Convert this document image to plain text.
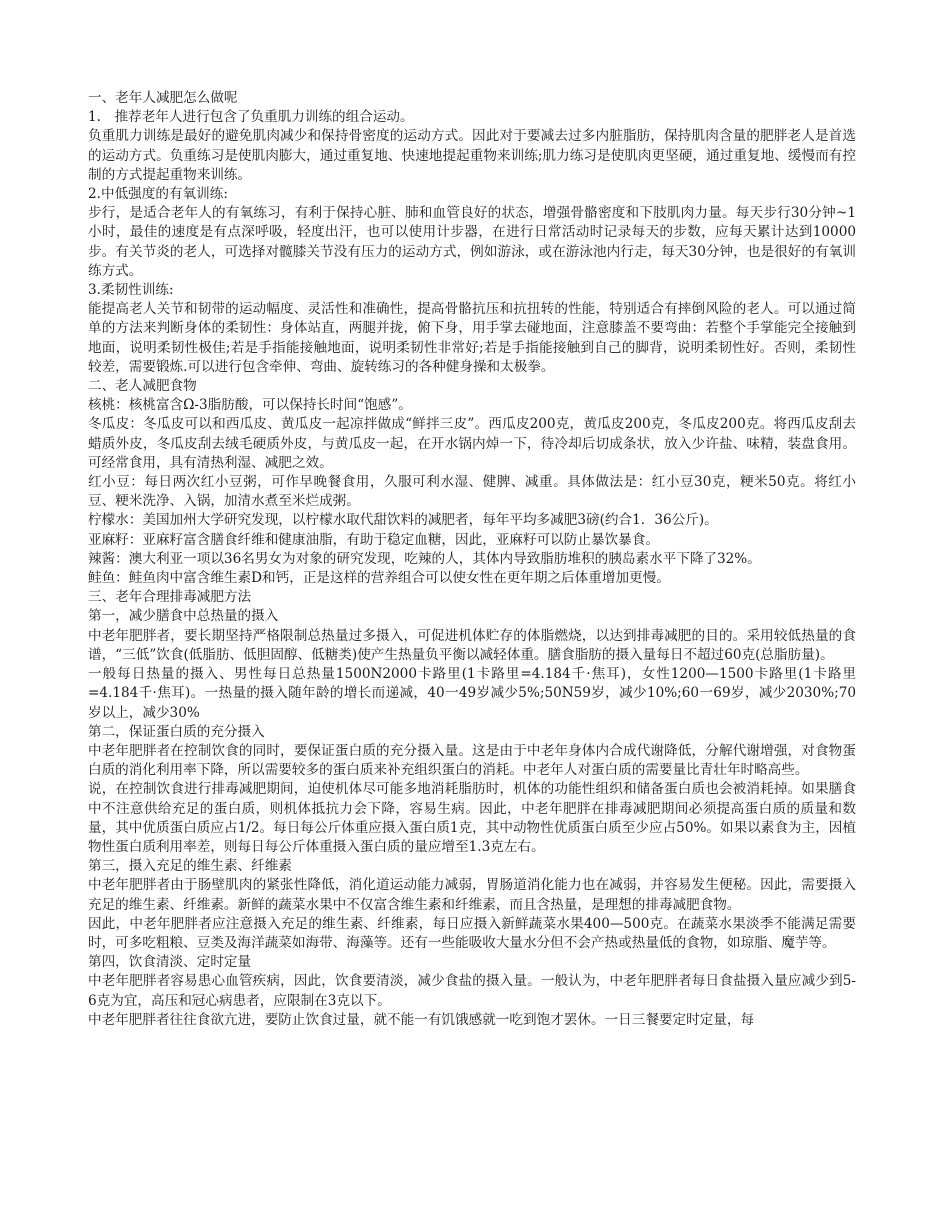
一、老年人减肥怎么做呢

1.　推荐老年人进行包含了负重肌力训练的组合运动。

负重肌力训练是最好的避免肌肉减少和保持骨密度的运动方式。因此对于要减去过多内脏脂肪，保持肌肉含量的肥胖老人是首选的运动方式。负重练习是使肌肉膨大，通过重复地、快速地提起重物来训练;肌力练习是使肌肉更坚硬，通过重复地、缓慢而有控制的方式提起重物来训练。

2.中低强度的有氧训练:

步行，是适合老年人的有氧练习，有利于保持心脏、肺和血管良好的状态，增强骨骼密度和下肢肌肉力量。每天步行30分钟~1小时，最佳的速度是有点深呼吸，轻度出汗，也可以使用计步器，在进行日常活动时记录每天的步数，应每天累计达到10000步。有关节炎的老人，可选择对髋膝关节没有压力的运动方式，例如游泳，或在游泳池内行走，每天30分钟，也是很好的有氧训练方式。

3.柔韧性训练:

能提高老人关节和韧带的运动幅度、灵活性和准确性，提高骨骼抗压和抗扭转的性能，特别适合有摔倒风险的老人。可以通过简单的方法来判断身体的柔韧性：身体站直，两腿并拢，俯下身，用手掌去碰地面，注意膝盖不要弯曲：若整个手掌能完全接触到地面，说明柔韧性极佳;若是手指能接触地面，说明柔韧性非常好;若是手指能接触到自己的脚背，说明柔韧性好。否则，柔韧性较差，需要锻炼.可以进行包含牵伸、弯曲、旋转练习的各种健身操和太极拳。

二、老人减肥食物

核桃：核桃富含Ω-3脂肪酸，可以保持长时间“饱感”。

冬瓜皮：冬瓜皮可以和西瓜皮、黄瓜皮一起凉拌做成“鲜拌三皮”。西瓜皮200克，黄瓜皮200克，冬瓜皮200克。将西瓜皮刮去蜡质外皮，冬瓜皮刮去绒毛硬质外皮，与黄瓜皮一起，在开水锅内焯一下，待冷却后切成条状，放入少许盐、味精，装盘食用。可经常食用，具有清热利湿、减肥之效。

红小豆：每日两次红小豆粥，可作早晚餐食用，久服可利水湿、健脾、减重。具体做法是：红小豆30克，粳米50克。将红小豆、粳米洗净、入锅，加清水煮至米烂成粥。

柠檬水：美国加州大学研究发现，以柠檬水取代甜饮料的减肥者，每年平均多减肥3磅(约合1．36公斤)。

亚麻籽：亚麻籽富含膳食纤维和健康油脂，有助于稳定血糖，因此，亚麻籽可以防止暴饮暴食。

辣酱：澳大利亚一项以36名男女为对象的研究发现，吃辣的人，其体内导致脂肪堆积的胰岛素水平下降了32%。

鲑鱼：鲑鱼肉中富含维生素D和钙，正是这样的营养组合可以使女性在更年期之后体重增加更慢。

三、老年合理排毒减肥方法

第一，减少膳食中总热量的摄入

中老年肥胖者，要长期坚持严格限制总热量过多摄入，可促进机体贮存的体脂燃烧，以达到排毒减肥的目的。采用较低热量的食谱，“三低”饮食(低脂肪、低胆固醇、低糖类)使产生热量负平衡以减轻体重。膳食脂肪的摄入量每日不超过60克(总脂肪量)。

一般每日热量的摄入、男性每日总热量1500N2000卡路里(1卡路里=4.184千·焦耳)，女性1200—1500卡路里(1卡路里=4.184千·焦耳)。一热量的摄入随年龄的增长而递减，40一49岁减少5%;50N59岁，减少10%;60一69岁，减少2030%;70岁以上，减少30%

第二，保证蛋白质的充分摄入

中老年肥胖者在控制饮食的同时，要保证蛋白质的充分摄入量。这是由于中老年身体内合成代谢降低，分解代谢增强，对食物蛋白质的消化利用率下降，所以需要较多的蛋白质来补充组织蛋白的消耗。中老年人对蛋白质的需要量比青壮年时略高些。

说，在控制饮食进行排毒减肥期间，迫使机体尽可能多地消耗脂肪时，机体的功能性组织和储备蛋白质也会被消耗掉。如果膳食中不注意供给充足的蛋白质，则机体抵抗力会下降，容易生病。因此，中老年肥胖在排毒减肥期间必须提高蛋白质的质量和数量，其中优质蛋白质应占1/2。每日每公斤体重应摄入蛋白质1克，其中动物性优质蛋白质至少应占50%。如果以素食为主，因植物性蛋白质利用率差，则每日每公斤体重摄入蛋白质的量应增至1.3克左右。

第三，摄入充足的维生素、纤维素

中老年肥胖者由于肠壁肌肉的紧张性降低，消化道运动能力减弱，胃肠道消化能力也在减弱，并容易发生便秘。因此，需要摄入充足的维生素、纤维素。新鲜的蔬菜水果中不仅富含维生素和纤维素，而且含热量，是理想的排毒减肥食物。

因此，中老年肥胖者应注意摄入充足的维生素、纤维素，每日应摄入新鲜蔬菜水果400—500克。在蔬菜水果淡季不能满足需要时，可多吃粗粮、豆类及海洋蔬菜如海带、海藻等。还有一些能吸收大量水分但不会产热或热量低的食物，如琼脂、魔芋等。

第四，饮食清淡、定时定量

中老年肥胖者容易患心血管疾病，因此，饮食要清淡，减少食盐的摄入量。一般认为，中老年肥胖者每日食盐摄入量应减少到5-6克为宜，高压和冠心病患者，应限制在3克以下。

中老年肥胖者往往食欲亢进，要防止饮食过量，就不能一有饥饿感就一吃到饱才罢休。一日三餐要定时定量，每
